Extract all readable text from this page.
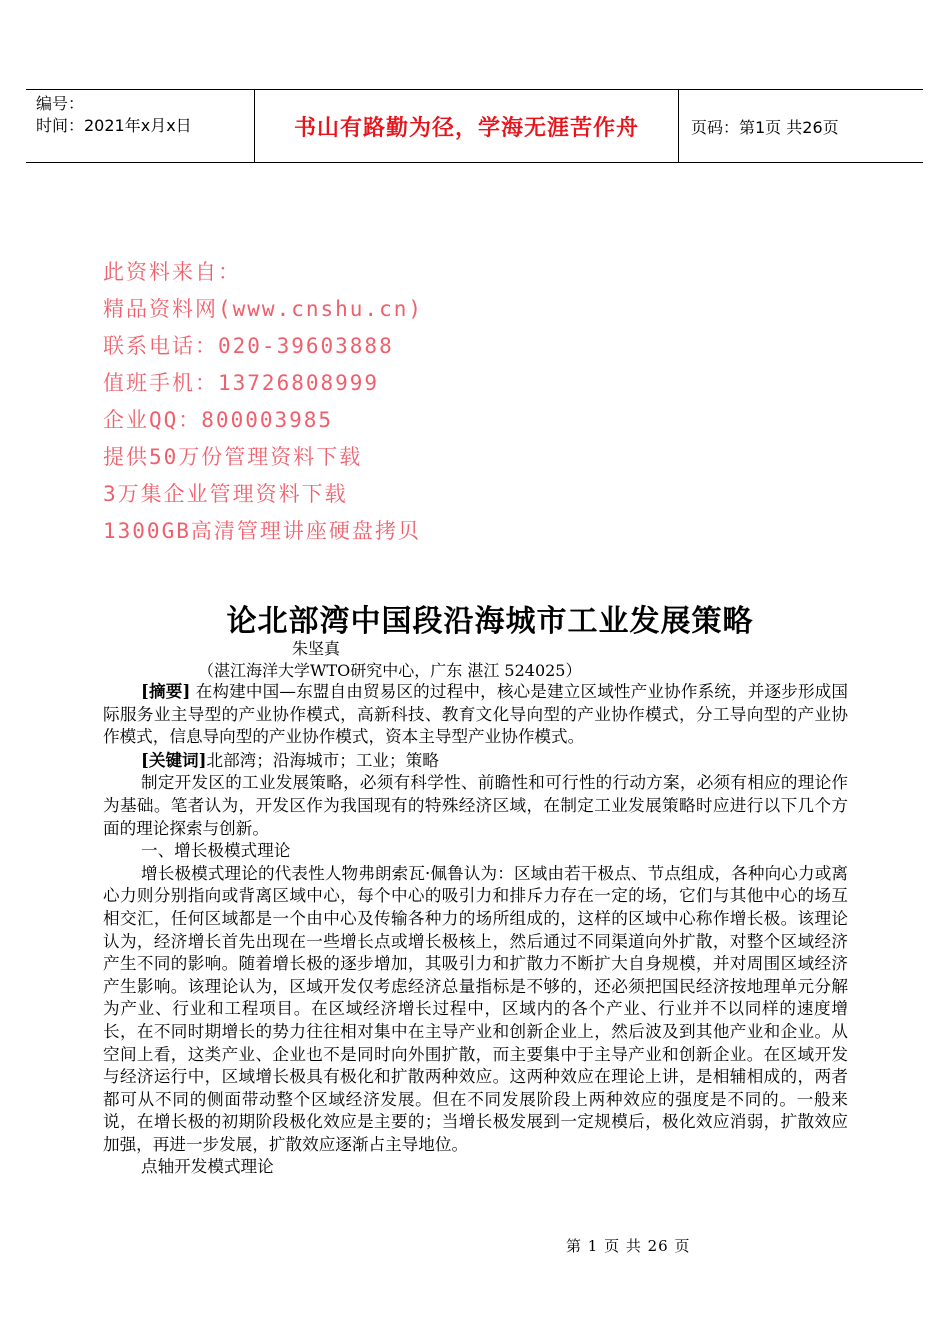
编号：
时间：2021年x月x日	书山有路勤为径，学海无涯苦作舟	页码：第1页 共26页
此资料来自：
精品资料网(www.cnshu.cn)
联系电话：020-39603888
值班手机：13726808999
企业QQ：800003985
提供50万份管理资料下载
3万集企业管理资料下载
1300GB高清管理讲座硬盘拷贝
论北部湾中国段沿海城市工业发展策略
朱坚真
（湛江海洋大学WTO研究中心，广东 湛江 524025）

[摘要] 在构建中国—东盟自由贸易区的过程中，核心是建立区域性产业协作系统，并逐步形成国际服务业主导型的产业协作模式，高新科技、教育文化导向型的产业协作模式，分工导向型的产业协作模式，信息导向型的产业协作模式，资本主导型产业协作模式。

[关键词]北部湾；沿海城市；工业；策略

制定开发区的工业发展策略，必须有科学性、前瞻性和可行性的行动方案，必须有相应的理论作为基础。笔者认为，开发区作为我国现有的特殊经济区域，在制定工业发展策略时应进行以下几个方面的理论探索与创新。

一、增长极模式理论

增长极模式理论的代表性人物弗朗索瓦·佩鲁认为：区域由若干极点、节点组成，各种向心力或离心力则分别指向或背离区域中心，每个中心的吸引力和排斥力存在一定的场，它们与其他中心的场互相交汇，任何区域都是一个由中心及传输各种力的场所组成的，这样的区域中心称作增长极。该理论认为，经济增长首先出现在一些增长点或增长极核上，然后通过不同渠道向外扩散，对整个区域经济产生不同的影响。随着增长极的逐步增加，其吸引力和扩散力不断扩大自身规模，并对周围区域经济产生影响。该理论认为，区域开发仅考虑经济总量指标是不够的，还必须把国民经济按地理单元分解为产业、行业和工程项目。在区域经济增长过程中，区域内的各个产业、行业并不以同样的速度增长，在不同时期增长的势力往往相对集中在主导产业和创新企业上，然后波及到其他产业和企业。从空间上看，这类产业、企业也不是同时向外围扩散，而主要集中于主导产业和创新企业。在区域开发与经济运行中，区域增长极具有极化和扩散两种效应。这两种效应在理论上讲，是相辅相成的，两者都可从不同的侧面带动整个区域经济发展。但在不同发展阶段上两种效应的强度是不同的。一般来说，在增长极的初期阶段极化效应是主要的；当增长极发展到一定规模后，极化效应消弱，扩散效应加强，再进一步发展，扩散效应逐渐占主导地位。

点轴开发模式理论

第 1 页 共 26 页
